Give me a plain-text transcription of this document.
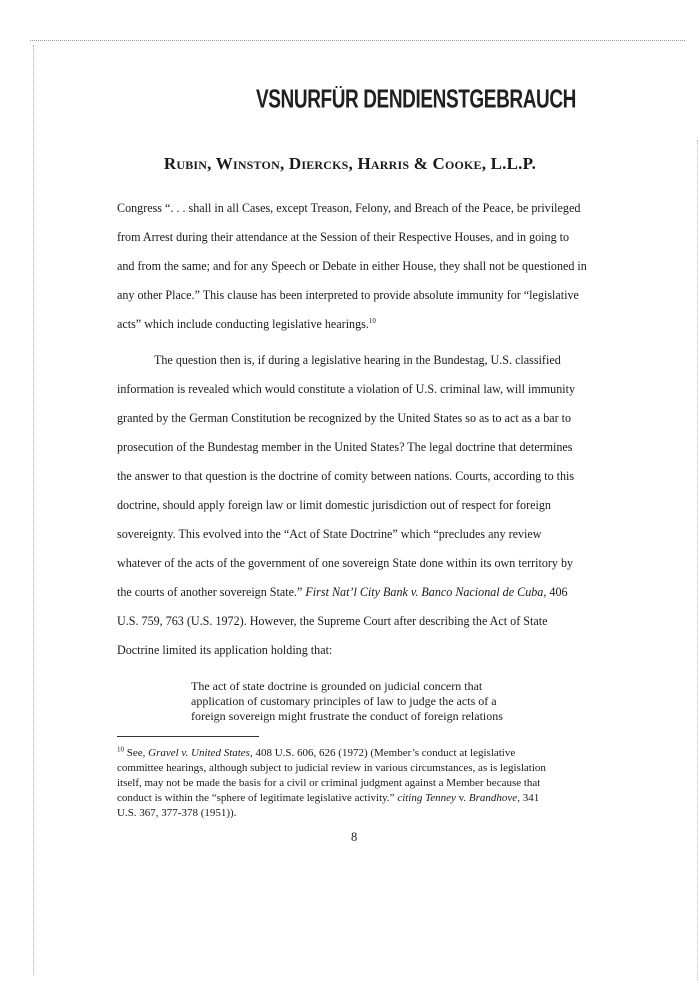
VSNURFÜR DENDIENSTGEBRAUCH
Rubin, Winston, Diercks, Harris & Cooke, L.L.P.
Congress “. . . shall in all Cases, except Treason, Felony, and Breach of the Peace, be privileged
from Arrest during their attendance at the Session of their Respective Houses, and in going to
and from the same; and for any Speech or Debate in either House, they shall not be questioned in
any other Place.” This clause has been interpreted to provide absolute immunity for “legislative
acts” which include conducting legislative hearings.$^{10}$
The question then is, if during a legislative hearing in the Bundestag, U.S. classified
information is revealed which would constitute a violation of U.S. criminal law, will immunity
granted by the German Constitution be recognized by the United States so as to act as a bar to
prosecution of the Bundestag member in the United States? The legal doctrine that determines
the answer to that question is the doctrine of comity between nations. Courts, according to this
doctrine, should apply foreign law or limit domestic jurisdiction out of respect for foreign
sovereignty. This evolved into the “Act of State Doctrine” which “precludes any review
whatever of the acts of the government of one sovereign State done within its own territory by
the courts of another sovereign State.” First Nat’l City Bank v. Banco Nacional de Cuba, 406
U.S. 759, 763 (U.S. 1972). However, the Supreme Court after describing the Act of State
Doctrine limited its application holding that:
The act of state doctrine is grounded on judicial concern that
application of customary principles of law to judge the acts of a
foreign sovereign might frustrate the conduct of foreign relations
$^{10}$ See, Gravel v. United States, 408 U.S. 606, 626 (1972) (Member’s conduct at legislative
committee hearings, although subject to judicial review in various circumstances, as is legislation
itself, may not be made the basis for a civil or criminal judgment against a Member because that
conduct is within the “sphere of legitimate legislative activity.” citing Tenney v. Brandhove, 341
U.S. 367, 377-378 (1951)).
8
